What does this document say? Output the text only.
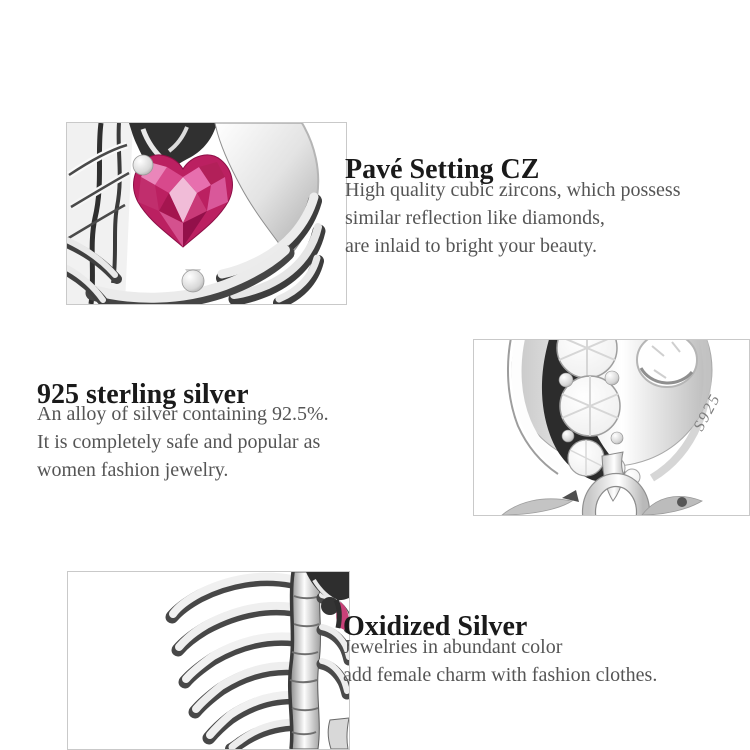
Pavé Setting CZ
High quality cubic zircons, which possess
similar reflection like diamonds,
are inlaid to bright your beauty.
925 sterling silver
An alloy of silver containing 92.5%.
It is completely safe and popular as
women fashion jewelry.
S925
Oxidized Silver
Jewelries in abundant color
add female charm with fashion clothes.
